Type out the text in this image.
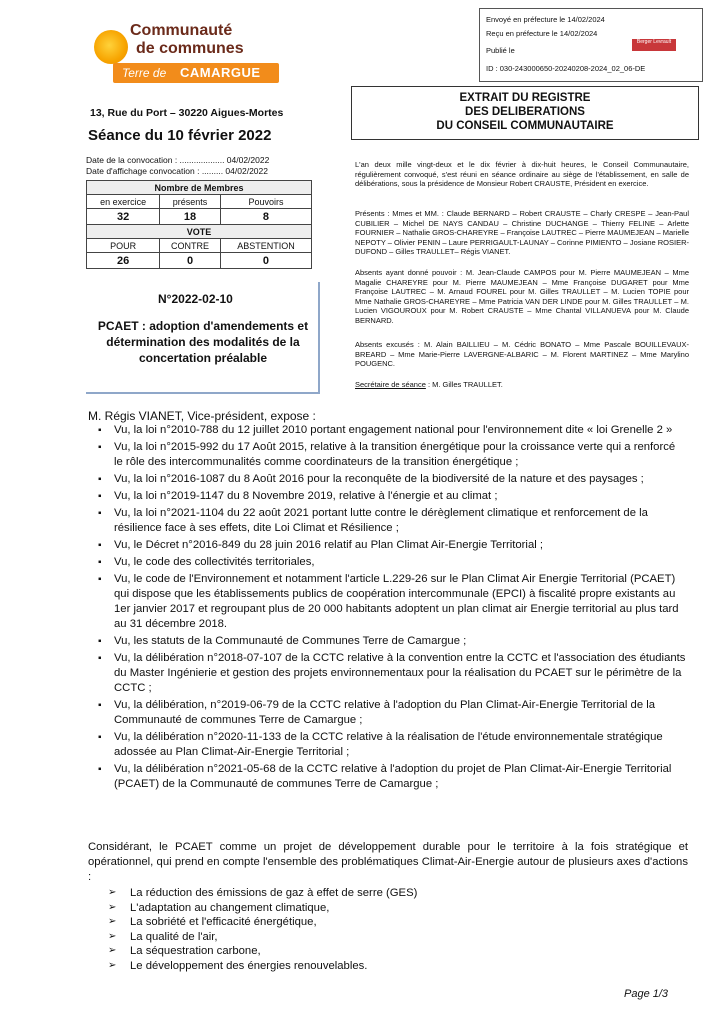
Communauté
de communes
Terre de CAMARGUE
13, Rue du Port – 30220 Aigues-Mortes
Séance du 10 février 2022
Date de la convocation : ................... 04/02/2022
Date d'affichage convocation : ......... 04/02/2022
Envoyé en préfecture le 14/02/2024
Reçu en préfecture le 14/02/2024
Publié le
Berger Levrault
ID : 030-243000650-20240208-2024_02_06-DE
EXTRAIT DU REGISTRE
DES DELIBERATIONS
DU CONSEIL COMMUNAUTAIRE
Nombre de Membres		
en exercice	présents	Pouvoirs
32	18	8
VOTE		
POUR	CONTRE	ABSTENTION
26	0	0
N°2022-02-10
PCAET : adoption d'amendements et détermination des modalités de la concertation préalable
L'an deux mille vingt-deux et le dix février à dix-huit heures, le Conseil Communautaire, régulièrement convoqué, s'est réuni en séance ordinaire au siège de l'établissement, en salle de délibérations, sous la présidence de Monsieur Robert CRAUSTE, Président en exercice.
Présents : Mmes et MM. : Claude BERNARD – Robert CRAUSTE – Charly CRESPE – Jean-Paul CUBILIER – Michel DE NAYS CANDAU – Christine DUCHANGE – Thierry FELINE – Arlette FOURNIER – Nathalie GROS-CHAREYRE – Françoise LAUTREC – Pierre MAUMEJEAN – Marielle NEPOTY – Olivier PENIN – Laure PERRIGAULT-LAUNAY – Corinne PIMIENTO – Josiane ROSIER-DUFOND – Gilles TRAULLET– Régis VIANET.
Absents ayant donné pouvoir : M. Jean-Claude CAMPOS pour M. Pierre MAUMEJEAN – Mme Magalie CHAREYRE pour M. Pierre MAUMEJEAN – Mme Françoise DUGARET pour Mme Françoise LAUTREC – M. Arnaud FOUREL pour M. Gilles TRAULLET – M. Lucien TOPIE pour Mme Nathalie GROS-CHAREYRE – Mme Patricia VAN DER LINDE pour M. Gilles TRAULLET – M. Lucien VIGOUROUX pour M. Robert CRAUSTE – Mme Chantal VILLANUEVA pour M. Claude BERNARD.
Absents excusés : M. Alain BAILLIEU – M. Cédric BONATO – Mme Pascale BOUILLEVAUX-BREARD – Mme Marie-Pierre LAVERGNE-ALBARIC – M. Florent MARTINEZ – Mme Marylino POUGENC.
Secrétaire de séance : M. Gilles TRAULLET.
M. Régis VIANET, Vice-président, expose :
▪ Vu, la loi n°2010-788 du 12 juillet 2010 portant engagement national pour l'environnement dite « loi Grenelle 2 »
▪ Vu, la loi n°2015-992 du 17 Août 2015, relative à la transition énergétique pour la croissance verte qui a renforcé le rôle des intercommunalités comme coordinateurs de la transition énergétique ;
▪ Vu, la loi n°2016-1087 du 8 Août 2016 pour la reconquête de la biodiversité de la nature et des paysages ;
▪ Vu, la loi n°2019-1147 du 8 Novembre 2019, relative à l'énergie et au climat ;
▪ Vu, la loi n°2021-1104 du 22 août 2021 portant lutte contre le dérèglement climatique et renforcement de la résilience face à ses effets, dite Loi Climat et Résilience ;
▪ Vu, le Décret n°2016-849 du 28 juin 2016 relatif au Plan Climat Air-Energie Territorial ;
▪ Vu, le code des collectivités territoriales,
▪ Vu, le code de l'Environnement et notamment l'article L.229-26 sur le Plan Climat Air Energie Territorial (PCAET) qui dispose que les établissements publics de coopération intercommunale (EPCI) à fiscalité propre existants au 1er janvier 2017 et regroupant plus de 20 000 habitants adoptent un plan climat air Energie territorial au plus tard au 31 décembre 2018.
▪ Vu, les statuts de la Communauté de Communes Terre de Camargue ;
▪ Vu, la délibération n°2018-07-107 de la CCTC relative à la convention entre la CCTC et l'association des étudiants du Master Ingénierie et gestion des projets environnementaux pour la réalisation du PCAET sur le périmètre de la CCTC ;
▪ Vu, la délibération, n°2019-06-79 de la CCTC relative à l'adoption du Plan Climat-Air-Energie Territorial de la Communauté de communes Terre de Camargue ;
▪ Vu, la délibération n°2020-11-133 de la CCTC relative à la réalisation de l'étude environnementale stratégique adossée au Plan Climat-Air-Energie Territorial ;
▪ Vu, la délibération n°2021-05-68 de la CCTC relative à l'adoption du projet de Plan Climat-Air-Energie Territorial (PCAET) de la Communauté de communes Terre de Camargue ;
Considérant, le PCAET comme un projet de développement durable pour le territoire à la fois stratégique et opérationnel, qui prend en compte l'ensemble des problématiques Climat-Air-Energie autour de plusieurs axes d'actions :
➢ La réduction des émissions de gaz à effet de serre (GES)
➢ L'adaptation au changement climatique,
➢ La sobriété et l'efficacité énergétique,
➢ La qualité de l'air,
➢ La séquestration carbone,
➢ Le développement des énergies renouvelables.
Page 1/3
